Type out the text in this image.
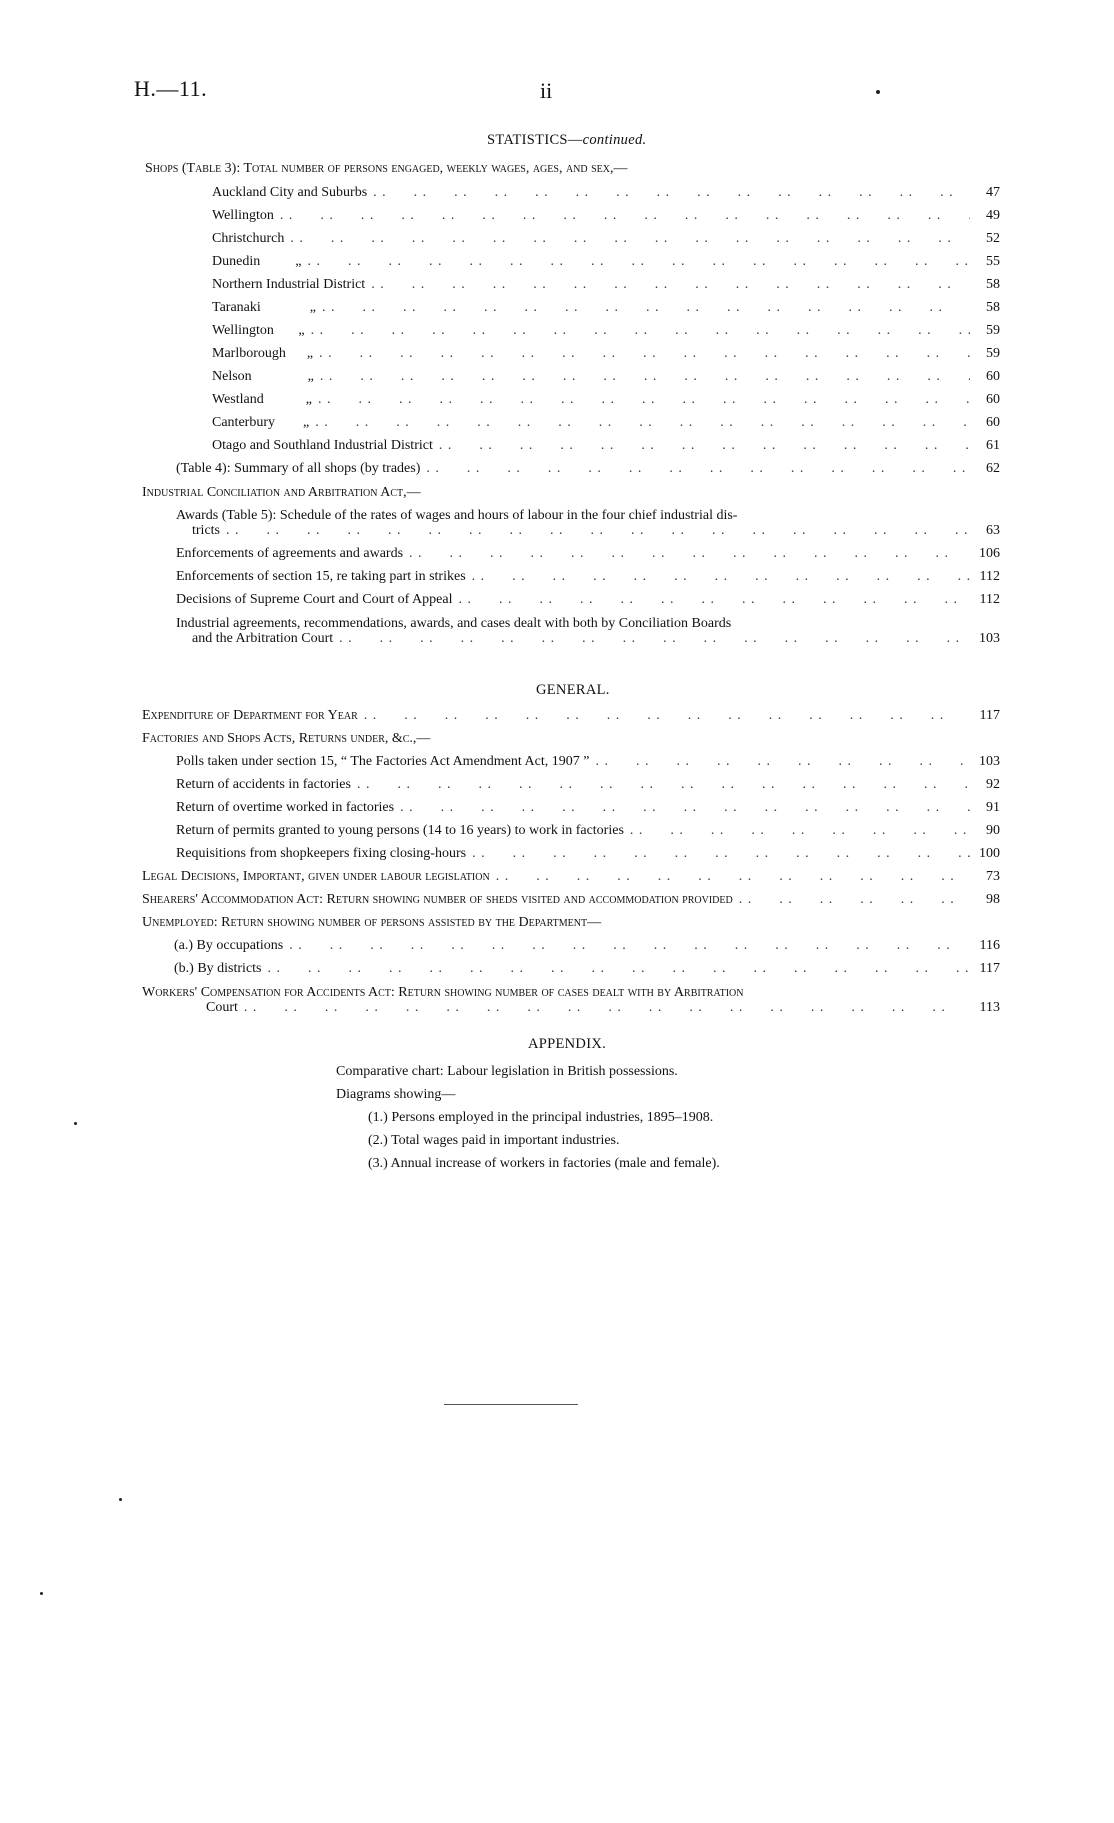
H.—11.	ii
STATISTICS—continued.
Shops (Table 3): Total number of persons engaged, weekly wages, ages, and sex,—
Auckland City and Suburbs . .	47
Wellington . .	49
Christchurch . .	52
Dunedin	„ . .	55
Northern Industrial District . .	58
Taranaki	„ . .	58
Wellington „ . .	59
Marlborough „ . .	59
Nelson	„ . .	60
Westland	„ . .	60
Canterbury „ . .	60
Otago and Southland Industrial District . .	61
(Table 4): Summary of all shops (by trades) . .	62
Industrial Conciliation and Arbitration Act,—
Awards (Table 5): Schedule of the rates of wages and hours of labour in the four chief industrial dis-
tricts . .	63
Enforcements of agreements and awards . .	106
Enforcements of section 15, re taking part in strikes . .	112
Decisions of Supreme Court and Court of Appeal . .	112
Industrial agreements, recommendations, awards, and cases dealt with both by Conciliation Boards
and the Arbitration Court . .	103
GENERAL.
Expenditure of Department for Year . .	117
Factories and Shops Acts, Returns under, &c.,—
Polls taken under section 15, “ The Factories Act Amendment Act, 1907 ” . .	103
Return of accidents in factories . .	92
Return of overtime worked in factories . .	91
Return of permits granted to young persons (14 to 16 years) to work in factories . .	90
Requisitions from shopkeepers fixing closing-hours . .	100
Legal Decisions, Important, given under labour legislation . .	73
Shearers' Accommodation Act: Return showing number of sheds visited and accommodation provided . .	98
Unemployed: Return showing number of persons assisted by the Department—
(a.) By occupations . .	116
(b.) By districts . .	117
Workers' Compensation for Accidents Act: Return showing number of cases dealt with by Arbitration
Court . .	113
APPENDIX.
Comparative chart: Labour legislation in British possessions.
Diagrams showing—
(1.) Persons employed in the principal industries, 1895–1908.
(2.) Total wages paid in important industries.
(3.) Annual increase of workers in factories (male and female).
